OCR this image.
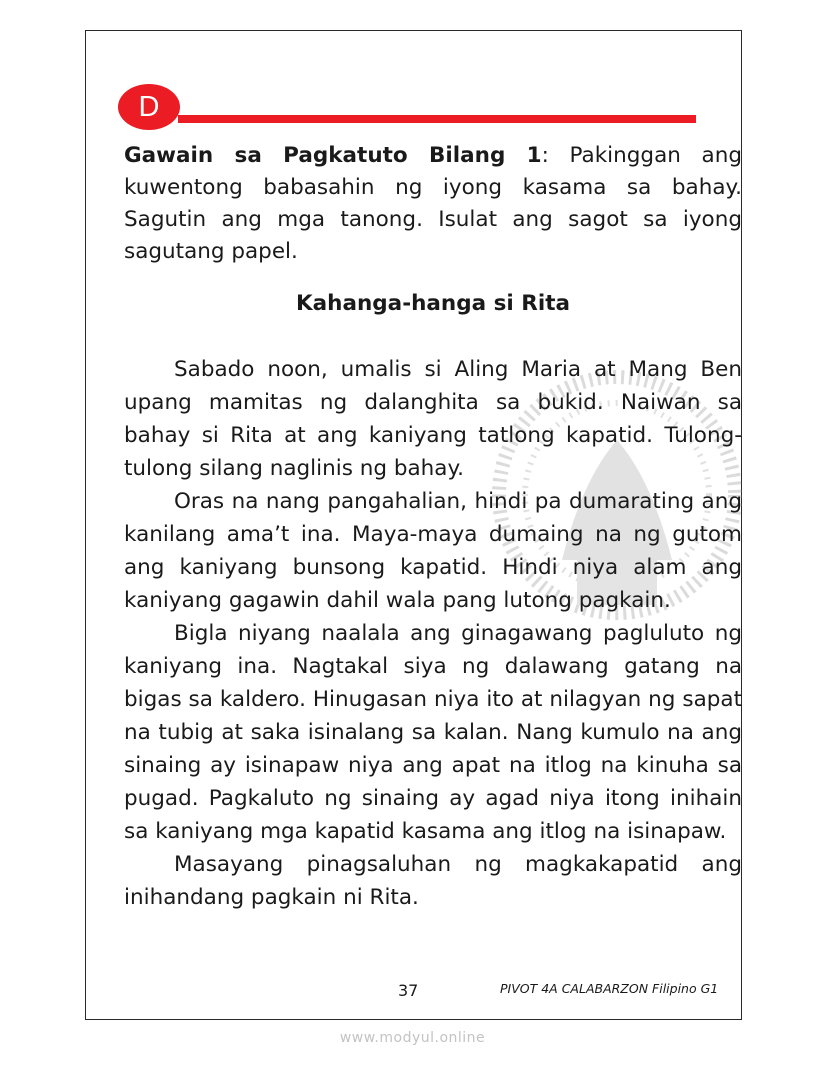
D
Gawain sa Pagkatuto Bilang 1: Pakinggan ang kuwentong babasahin ng iyong kasama sa bahay. Sagutin ang mga tanong. Isulat ang sagot sa iyong sagutang papel.
Kahanga-hanga si Rita

Sabado noon, umalis si Aling Maria at Mang Ben upang mamitas ng dalanghita sa bukid. Naiwan sa bahay si Rita at ang kaniyang tatlong kapatid. Tulong-tulong silang naglinis ng bahay.

Oras na nang pangahalian, hindi pa dumarating ang kanilang ama’t ina. Maya-maya dumaing na ng gutom ang kaniyang bunsong kapatid. Hindi niya alam ang kaniyang gagawin dahil wala pang lutong pagkain.

Bigla niyang naalala ang ginagawang pagluluto ng kaniyang ina. Nagtakal siya ng dalawang gatang na bigas sa kaldero. Hinugasan niya ito at nilagyan ng sapat na tubig at saka isinalang sa kalan. Nang kumulo na ang sinaing ay isinapaw niya ang apat na itlog na kinuha sa pugad. Pagkaluto ng sinaing ay agad niya itong inihain sa kaniyang mga kapatid kasama ang itlog na isinapaw.

Masayang pinagsaluhan ng magkakapatid ang inihandang pagkain ni Rita.

37	PIVOT 4A CALABARZON Filipino G1
www.modyul.online
